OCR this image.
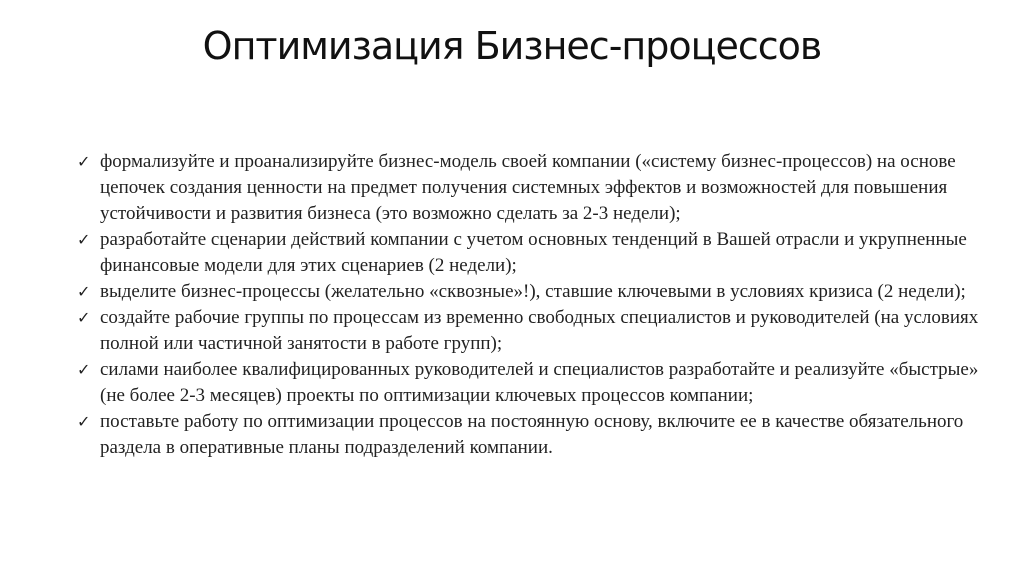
Оптимизация Бизнес-процессов
✓ формализуйте и проанализируйте бизнес-модель своей компании («систему бизнес-процессов) на основе цепочек создания ценности на предмет получения системных эффектов и возможностей для повышения устойчивости и развития бизнеса (это возможно сделать за 2-3 недели);
✓ разработайте сценарии действий компании с учетом основных тенденций в Вашей отрасли и укрупненные финансовые модели для этих сценариев (2 недели);
✓ выделите бизнес-процессы (желательно «сквозные»!), ставшие ключевыми в условиях кризиса (2 недели);
✓ создайте рабочие группы по процессам из временно свободных специалистов и руководителей (на условиях полной или частичной занятости в работе групп);
✓ силами наиболее квалифицированных руководителей и специалистов разработайте и реализуйте «быстрые» (не более 2-3 месяцев) проекты по оптимизации ключевых процессов компании;
✓ поставьте работу по оптимизации процессов на постоянную основу, включите ее в качестве обязательного раздела в оперативные планы подразделений компании.
